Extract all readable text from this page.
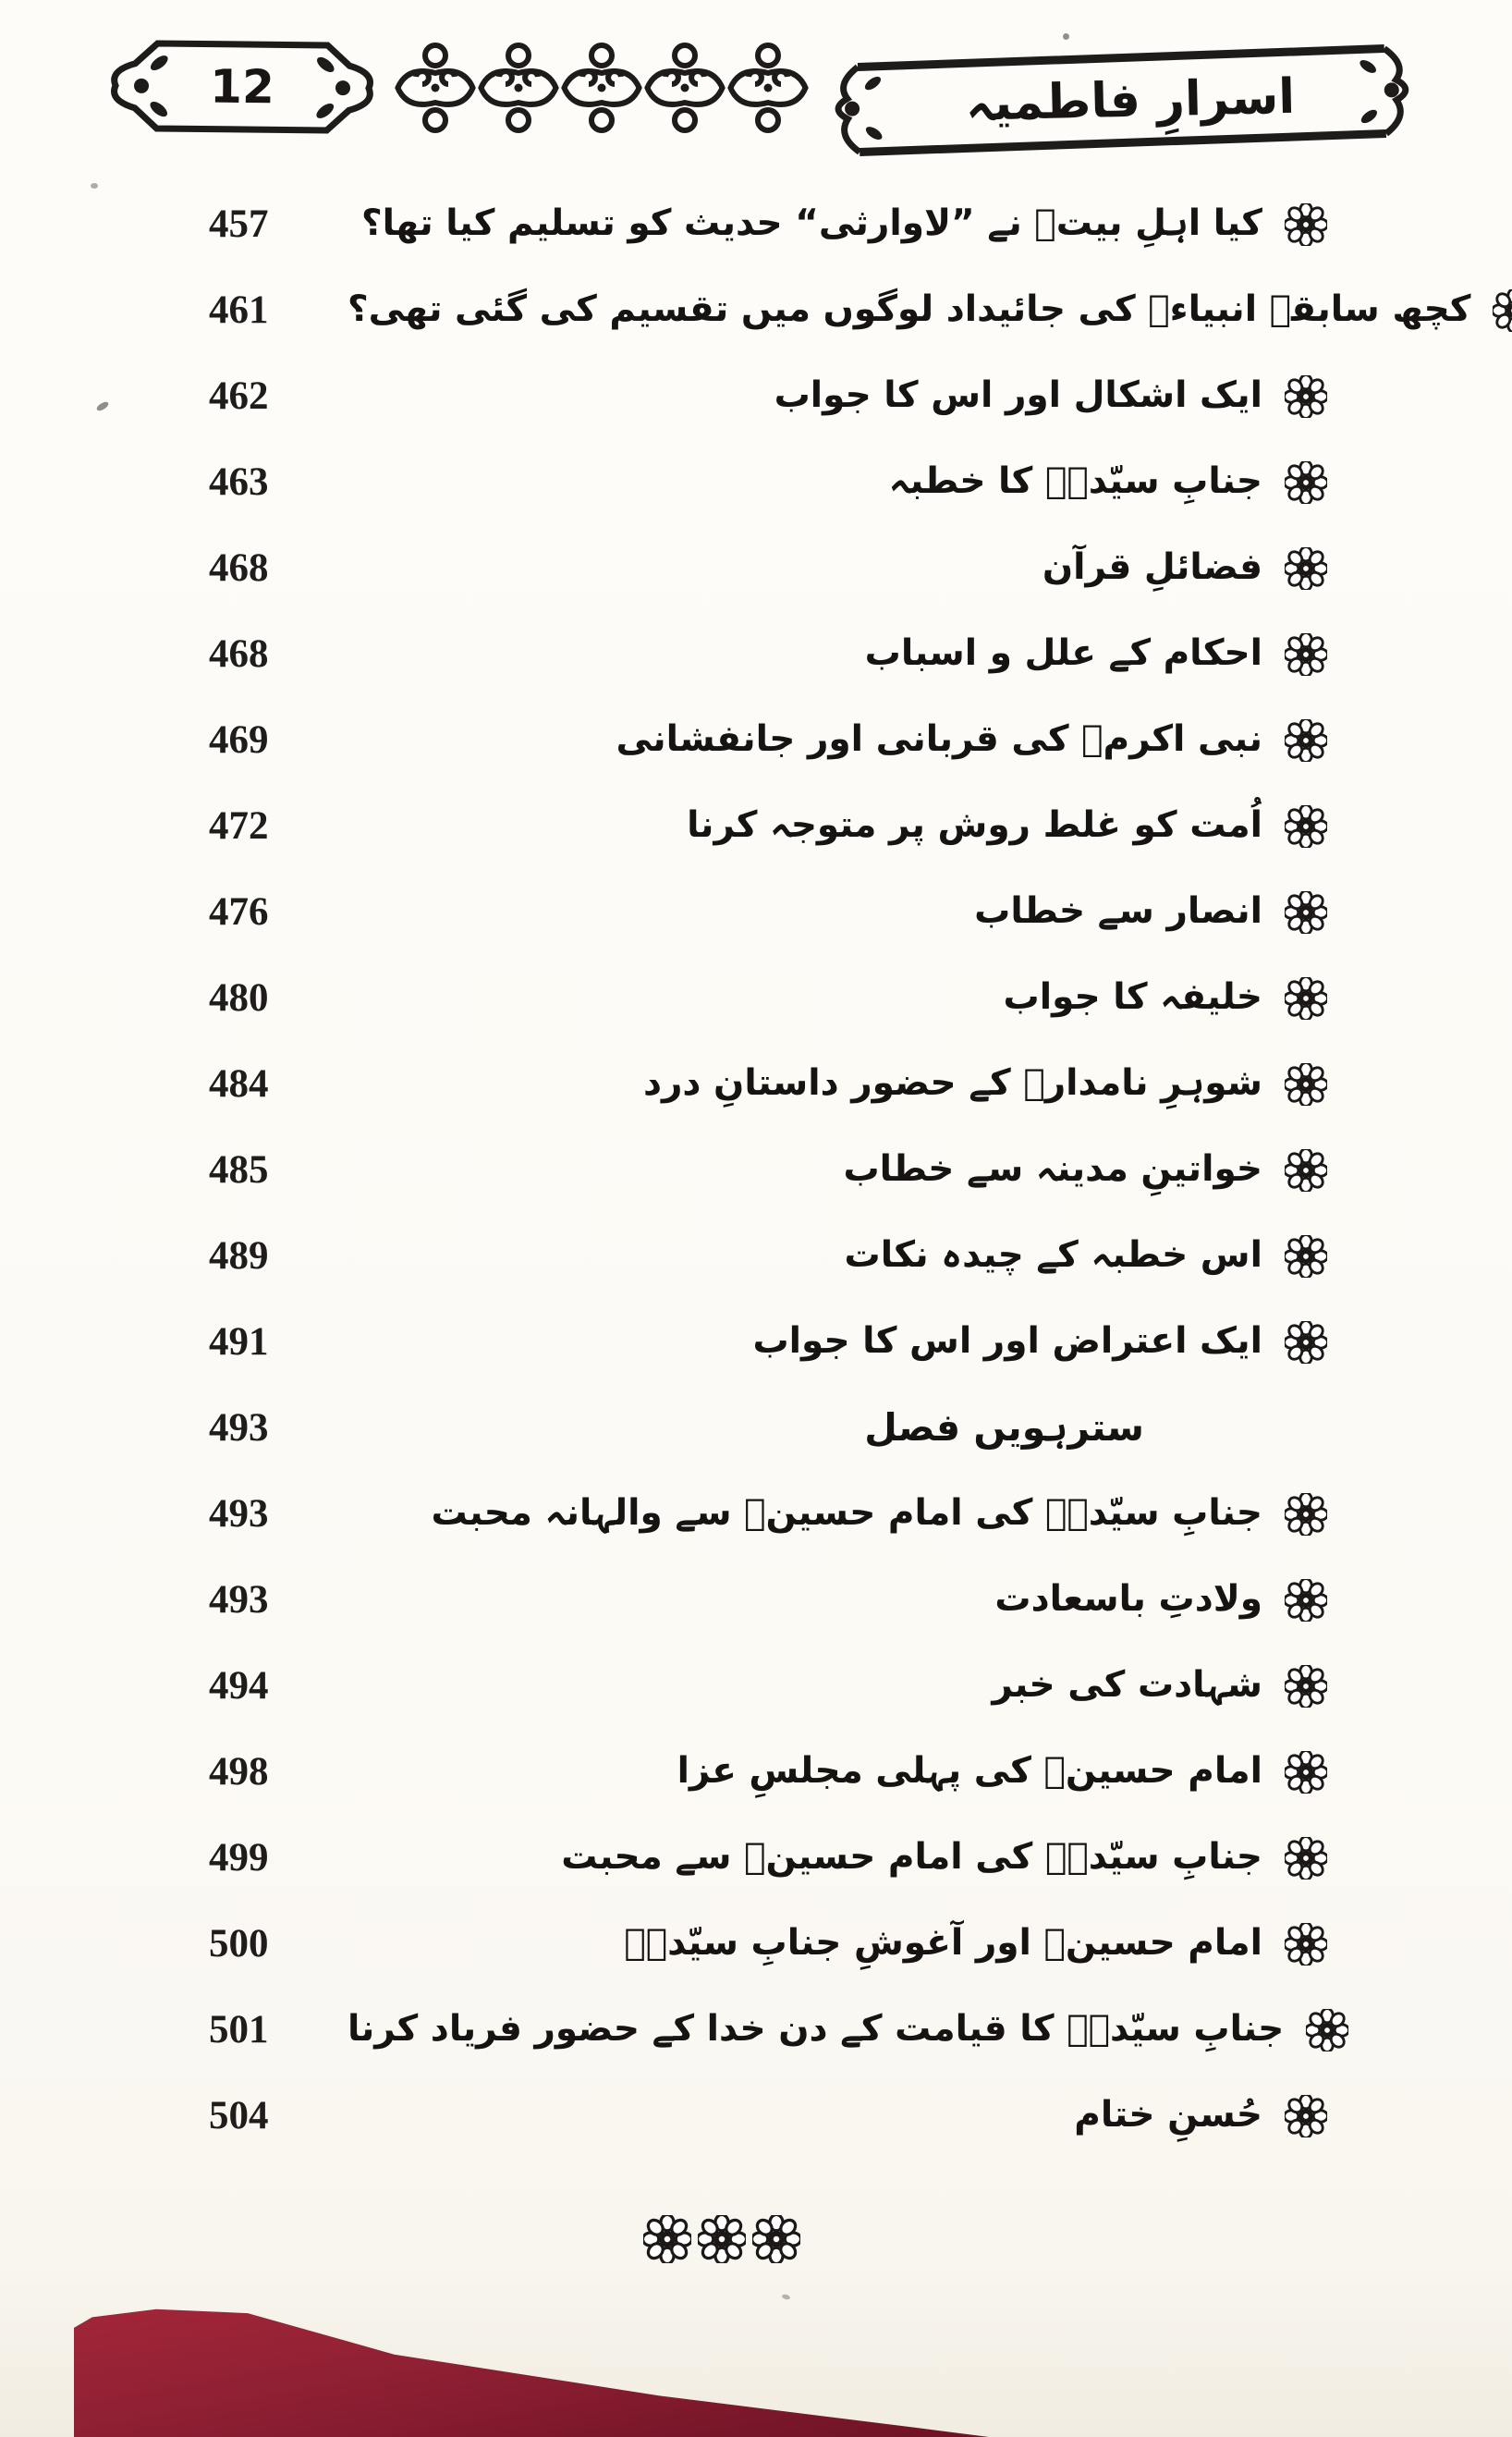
12	اسرارِ فاطمیہ
457	کیا اہلِ بیتؑ نے ”لاوارثی“ حدیث کو تسلیم کیا تھا؟
461	کچھ سابقہ انبیاءؑ کی جائیداد لوگوں میں تقسیم کی گئی تھی؟
462	ایک اشکال اور اس کا جواب
463	جنابِ سیّدہؑ کا خطبہ
468	فضائلِ قرآن
468	احکام کے علل و اسباب
469	نبی اکرمؐ کی قربانی اور جانفشانی
472	اُمت کو غلط روش پر متوجہ کرنا
476	انصار سے خطاب
480	خلیفہ کا جواب
484	شوہرِ نامدارؑ کے حضور داستانِ درد
485	خواتینِ مدینہ سے خطاب
489	اس خطبہ کے چیدہ نکات
491	ایک اعتراض اور اس کا جواب
493	سترہویں فصل
493	جنابِ سیّدہؑ کی امام حسینؑ سے والہانہ محبت
493	ولادتِ باسعادت
494	شہادت کی خبر
498	امام حسینؑ کی پہلی مجلسِ عزا
499	جنابِ سیّدہؑ کی امام حسینؑ سے محبت
500	امام حسینؑ اور آغوشِ جنابِ سیّدہؑ
501	جنابِ سیّدہؑ کا قیامت کے دن خدا کے حضور فریاد کرنا
504	حُسنِ ختام
